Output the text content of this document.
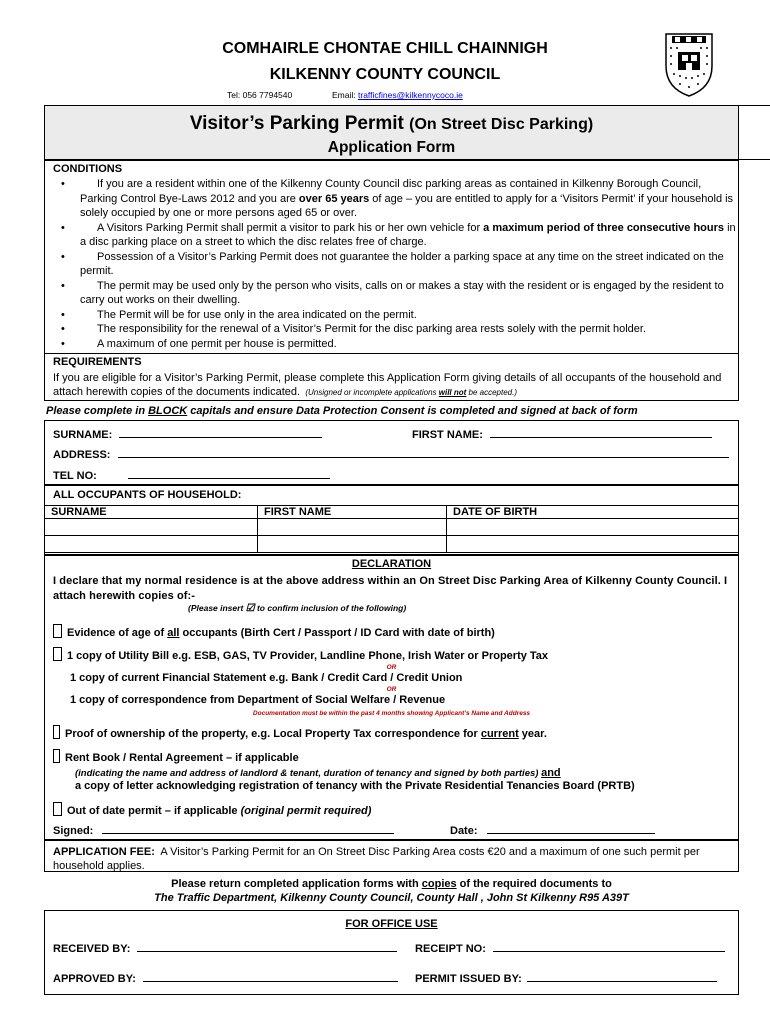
COMHAIRLE CHONTAE CHILL CHAINNIGH
KILKENNY COUNTY COUNCIL
Tel: 056 7794540	Email: trafficfines@kilkennycoco.ie
Visitor’s Parking Permit (On Street Disc Parking)
Application Form
CONDITIONS
•	If you are a resident within one of the Kilkenny County Council disc parking areas as contained in Kilkenny Borough Council, Parking Control Bye-Laws 2012 and you are over 65 years of age – you are entitled to apply for a ‘Visitors Permit’ if your household is solely occupied by one or more persons aged 65 or over.
•	A Visitors Parking Permit shall permit a visitor to park his or her own vehicle for a maximum period of three consecutive hours in a disc parking place on a street to which the disc relates free of charge.
•	Possession of a Visitor’s Parking Permit does not guarantee the holder a parking space at any time on the street indicated on the permit.
•	The permit may be used only by the person who visits, calls on or makes a stay with the resident or is engaged by the resident to carry out works on their dwelling.
•	The Permit will be for use only in the area indicated on the permit.
•	The responsibility for the renewal of a Visitor’s Permit for the disc parking area rests solely with the permit holder.
•	A maximum of one permit per house is permitted.
REQUIREMENTS
If you are eligible for a Visitor’s Parking Permit, please complete this Application Form giving details of all occupants of the household and attach herewith copies of the documents indicated. (Unsigned or incomplete applications will not be accepted.)
Please complete in BLOCK capitals and ensure Data Protection Consent is completed and signed at back of form
SURNAME:	FIRST NAME:
ADDRESS:
TEL NO:
ALL OCCUPANTS OF HOUSEHOLD:
SURNAME	FIRST NAME	DATE OF BIRTH

DECLARATION
I declare that my normal residence is at the above address within an On Street Disc Parking Area of Kilkenny County Council. I attach herewith copies of:-
(Please insert ☑ to confirm inclusion of the following)
Evidence of age of all occupants (Birth Cert / Passport / ID Card with date of birth)
1 copy of Utility Bill e.g. ESB, GAS, TV Provider, Landline Phone, Irish Water or Property Tax
OR
1 copy of current Financial Statement e.g. Bank / Credit Card / Credit Union
OR
1 copy of correspondence from Department of Social Welfare / Revenue
Documentation must be within the past 4 months showing Applicant’s Name and Address
Proof of ownership of the property, e.g. Local Property Tax correspondence for current year.
Rent Book / Rental Agreement – if applicable
(indicating the name and address of landlord & tenant, duration of tenancy and signed by both parties) and
a copy of letter acknowledging registration of tenancy with the Private Residential Tenancies Board (PRTB)
Out of date permit – if applicable (original permit required)
Signed:	Date:
APPLICATION FEE: A Visitor’s Parking Permit for an On Street Disc Parking Area costs €20 and a maximum of one such permit per household applies.
Please return completed application forms with copies of the required documents to
The Traffic Department, Kilkenny County Council, County Hall , John St Kilkenny R95 A39T
FOR OFFICE USE
RECEIVED BY:	RECEIPT NO:
APPROVED BY:	PERMIT ISSUED BY:
